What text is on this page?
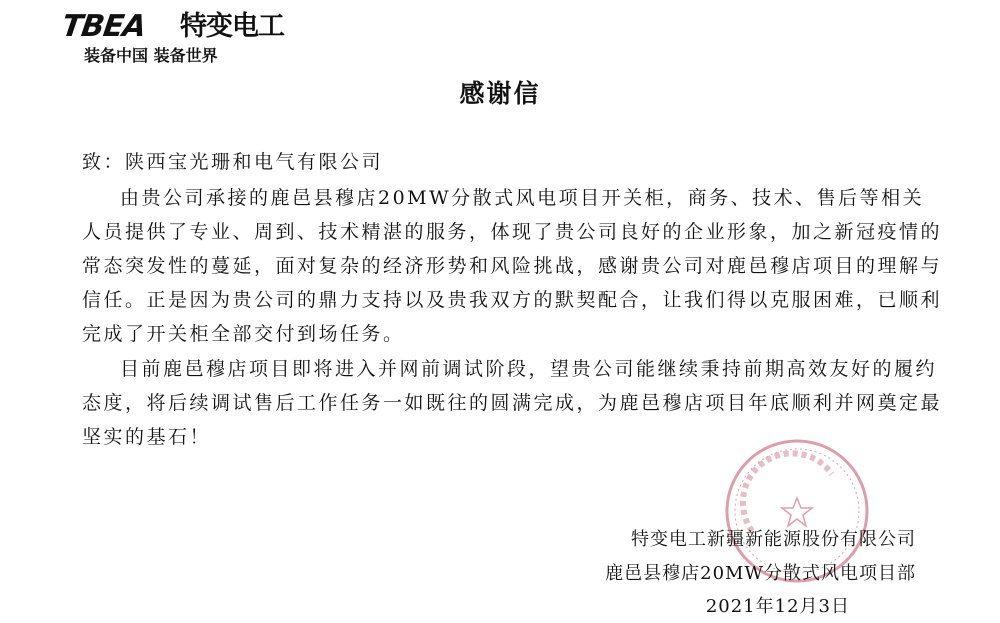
TBEA 特变电工
装备中国 装备世界
感谢信
致：陕西宝光珊和电气有限公司

由贵公司承接的鹿邑县穆店20MW分散式风电项目开关柜，商务、技术、售后等相关人员提供了专业、周到、技术精湛的服务，体现了贵公司良好的企业形象，加之新冠疫情的常态突发性的蔓延，面对复杂的经济形势和风险挑战，感谢贵公司对鹿邑穆店项目的理解与信任。正是因为贵公司的鼎力支持以及贵我双方的默契配合，让我们得以克服困难，已顺利完成了开关柜全部交付到场任务。

目前鹿邑穆店项目即将进入并网前调试阶段，望贵公司能继续秉持前期高效友好的履约态度，将后续调试售后工作任务一如既往的圆满完成，为鹿邑穆店项目年底顺利并网奠定最坚实的基石！

特变电工新疆新能源股份有限公司
鹿邑县穆店20MW分散式风电项目部
2021年12月3日
